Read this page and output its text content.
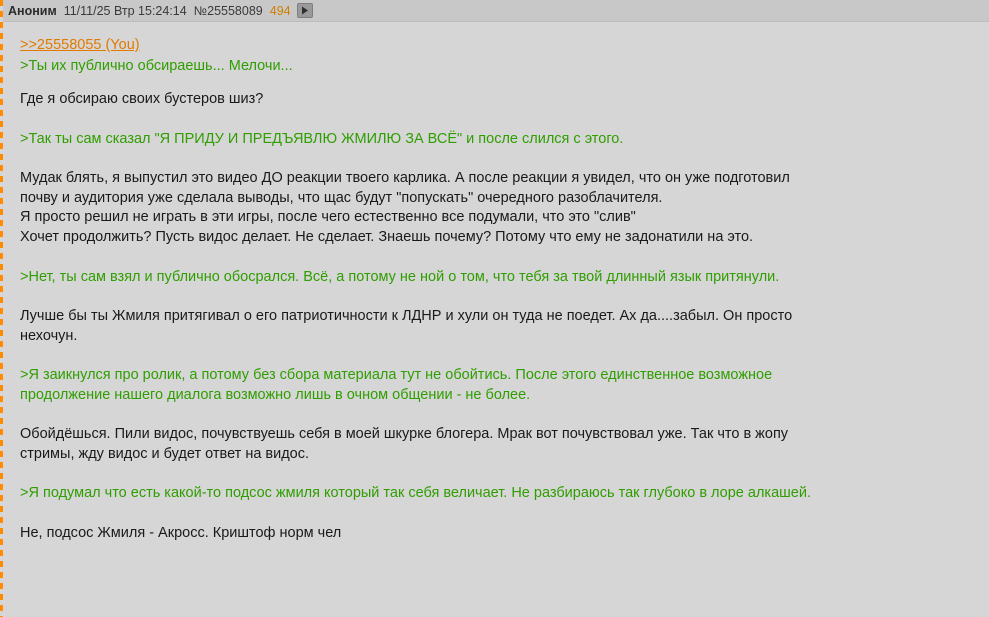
Аноним 11/11/25 Втр 15:24:14 №25558089 494
>>25558055 (You)
>Ты их публично обсираешь... Мелочи...
Где я обсираю своих бустеров шиз?
>Так ты сам сказал "Я ПРИДУ И ПРЕДЪЯВЛЮ ЖМИЛЮ ЗА ВСЁ" и после слился с этого.
Мудак блять, я выпустил это видео ДО реакции твоего карлика. А после реакции я увидел, что он уже подготовил
почву и аудитория уже сделала выводы, что щас будут "попускать" очередного разоблачителя.
Я просто решил не играть в эти игры, после чего естественно все подумали, что это "слив"
Хочет продолжить? Пусть видос делает. Не сделает. Знаешь почему? Потому что ему не задонатили на это.
>Нет, ты сам взял и публично обосрался. Всё, а потому не ной о том, что тебя за твой длинный язык притянули.
Лучше бы ты Жмиля притягивал о его патриотичности к ЛДНР и хули он туда не поедет. Ах да....забыл. Он просто
нехочун.
>Я заикнулся про ролик, а потому без сбора материала тут не обойтись. После этого единственное возможное
продолжение нашего диалога возможно лишь в очном общении - не более.
Обойдёшься. Пили видос, почувствуешь себя в моей шкурке блогера. Мрак вот почувствовал уже. Так что в жопу
стримы, жду видос и будет ответ на видос.
>Я подумал что есть какой-то подсос жмиля который так себя величает. Не разбираюсь так глубоко в лоре алкашей.
Не, подсос Жмиля - Акросс. Криштоф норм чел
